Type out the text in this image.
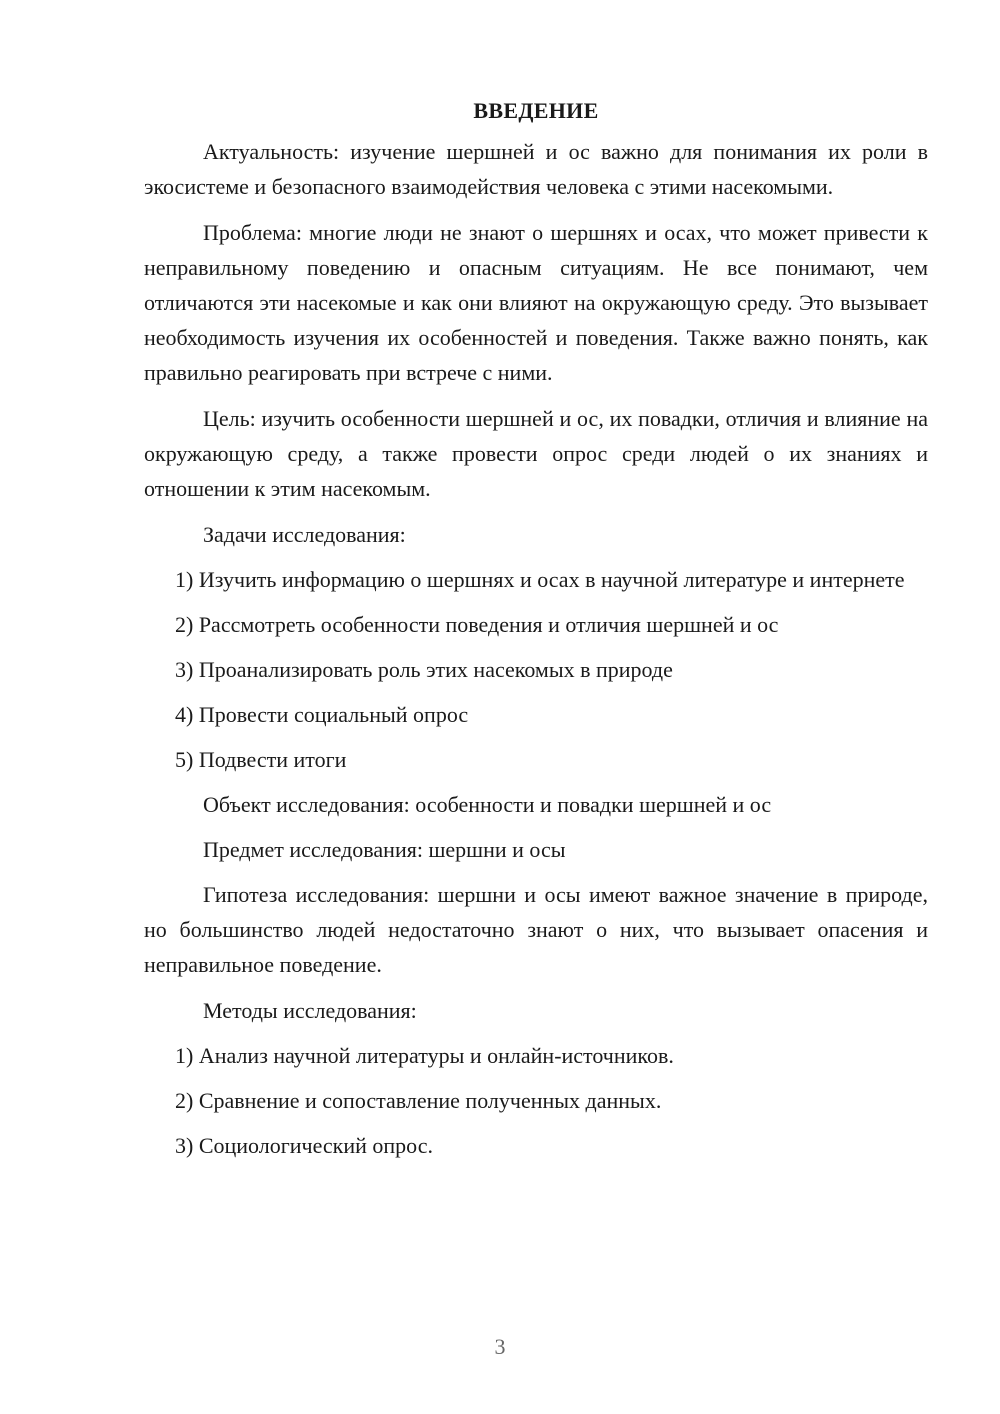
ВВЕДЕНИЕ

Актуальность: изучение шершней и ос важно для понимания их роли в экосистеме и безопасного взаимодействия человека с этими насекомыми.

Проблема: многие люди не знают о шершнях и осах, что может привести к неправильному поведению и опасным ситуациям. Не все понимают, чем отличаются эти насекомые и как они влияют на окружающую среду. Это вызывает необходимость изучения их особенностей и поведения. Также важно понять, как правильно реагировать при встрече с ними.

Цель: изучить особенности шершней и ос, их повадки, отличия и влияние на окружающую среду, а также провести опрос среди людей о их знаниях и отношении к этим насекомым.

Задачи исследования:

1) Изучить информацию о шершнях и осах в научной литературе и интернете

2) Рассмотреть особенности поведения и отличия шершней и ос

3) Проанализировать роль этих насекомых в природе

4) Провести социальный опрос

5) Подвести итоги

Объект исследования: особенности и повадки шершней и ос

Предмет исследования: шершни и осы

Гипотеза исследования: шершни и осы имеют важное значение в природе, но большинство людей недостаточно знают о них, что вызывает опасения и неправильное поведение.

Методы исследования:

1) Анализ научной литературы и онлайн-источников.

2) Сравнение и сопоставление полученных данных.

3) Социологический опрос.

3
